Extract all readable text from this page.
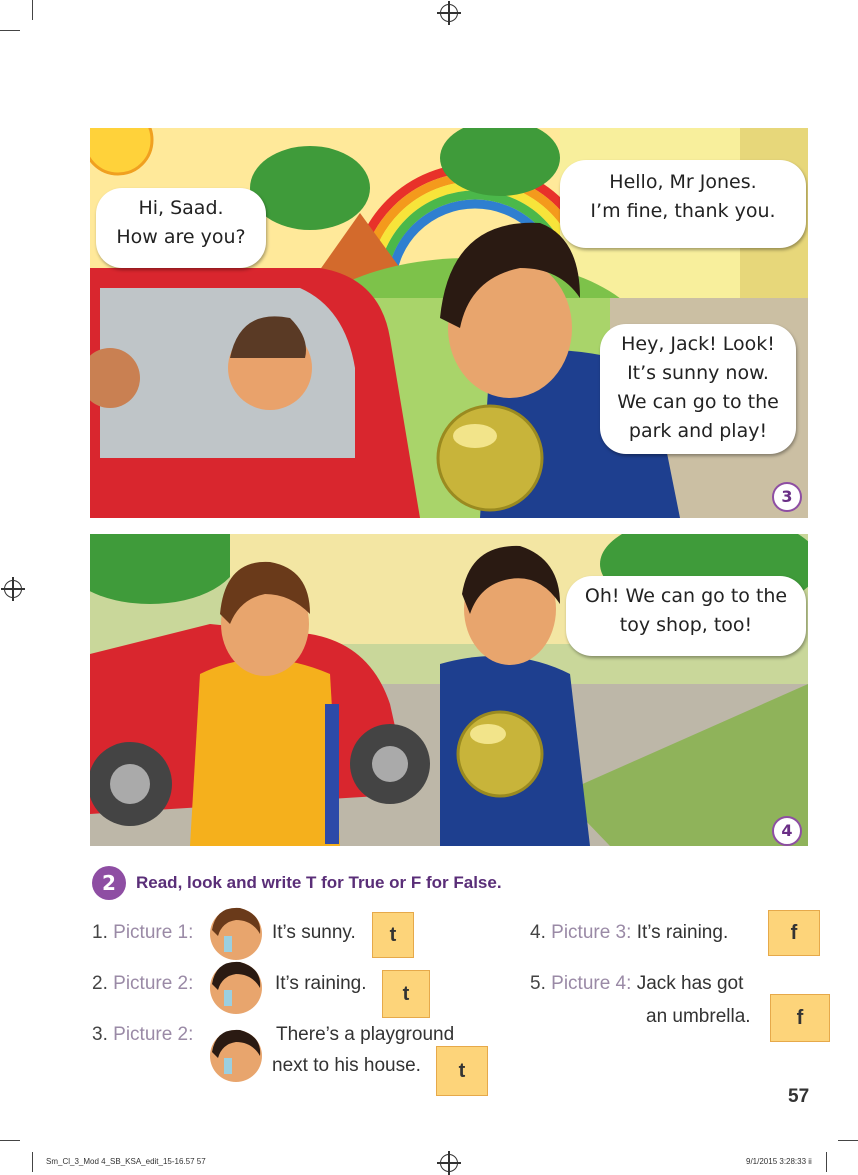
Hi, Saad.
How are you?
Hello, Mr Jones.
I’m fine, thank you.
Hey, Jack! Look!
It’s sunny now.
We can go to the
park and play!
3
Oh! We can go to the
toy shop, too!
4
2	Read, look and write T for True or F for False.
1. Picture 1:	It’s sunny.	t
2. Picture 2:	It’s raining.	t
3. Picture 2:	There’s a playground
next to his house.	t
4. Picture 3: It’s raining.	f
5. Picture 4: Jack has got
an umbrella.	f
57
Sm_Cl_3_Mod 4_SB_KSA_edit_15-16.57 57	9/1/2015 3:28:33 ii
